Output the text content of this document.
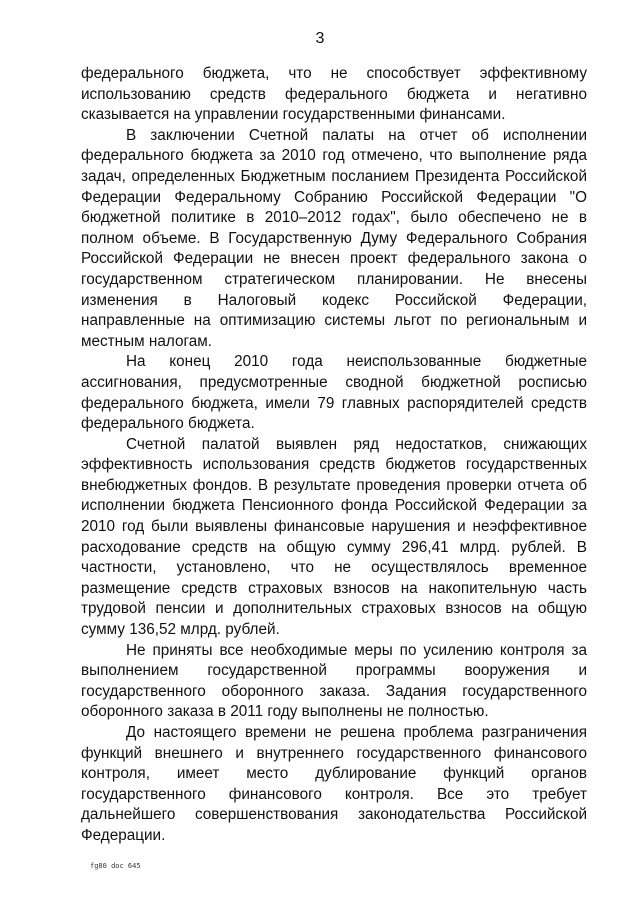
3

федерального бюджета, что не способствует эффективному использованию средств федерального бюджета и негативно сказывается на управлении государственными финансами.

В заключении Счетной палаты на отчет об исполнении федерального бюджета за 2010 год отмечено, что выполнение ряда задач, определенных Бюджетным посланием Президента Российской Федерации Федеральному Собранию Российской Федерации "О бюджетной политике в 2010–2012 годах", было обеспечено не в полном объеме. В Государственную Думу Федерального Собрания Российской Федерации не внесен проект федерального закона о государственном стратегическом планировании. Не внесены изменения в Налоговый кодекс Российской Федерации, направленные на оптимизацию системы льгот по региональным и местным налогам.

На конец 2010 года неиспользованные бюджетные ассигнования, предусмотренные сводной бюджетной росписью федерального бюджета, имели 79 главных распорядителей средств федерального бюджета.

Счетной палатой выявлен ряд недостатков, снижающих эффективность использования средств бюджетов государственных внебюджетных фондов. В результате проведения проверки отчета об исполнении бюджета Пенсионного фонда Российской Федерации за 2010 год были выявлены финансовые нарушения и неэффективное расходование средств на общую сумму 296,41 млрд. рублей. В частности, установлено, что не осуществлялось временное размещение средств страховых взносов на накопительную часть трудовой пенсии и дополнительных страховых взносов на общую сумму 136,52 млрд. рублей.

Не приняты все необходимые меры по усилению контроля за выполнением государственной программы вооружения и государственного оборонного заказа. Задания государственного оборонного заказа в 2011 году выполнены не полностью.

До настоящего времени не решена проблема разграничения функций внешнего и внутреннего государственного финансового контроля, имеет место дублирование функций органов государственного финансового контроля. Все это требует дальнейшего совершенствования законодательства Российской Федерации.

fg80 doc 645
